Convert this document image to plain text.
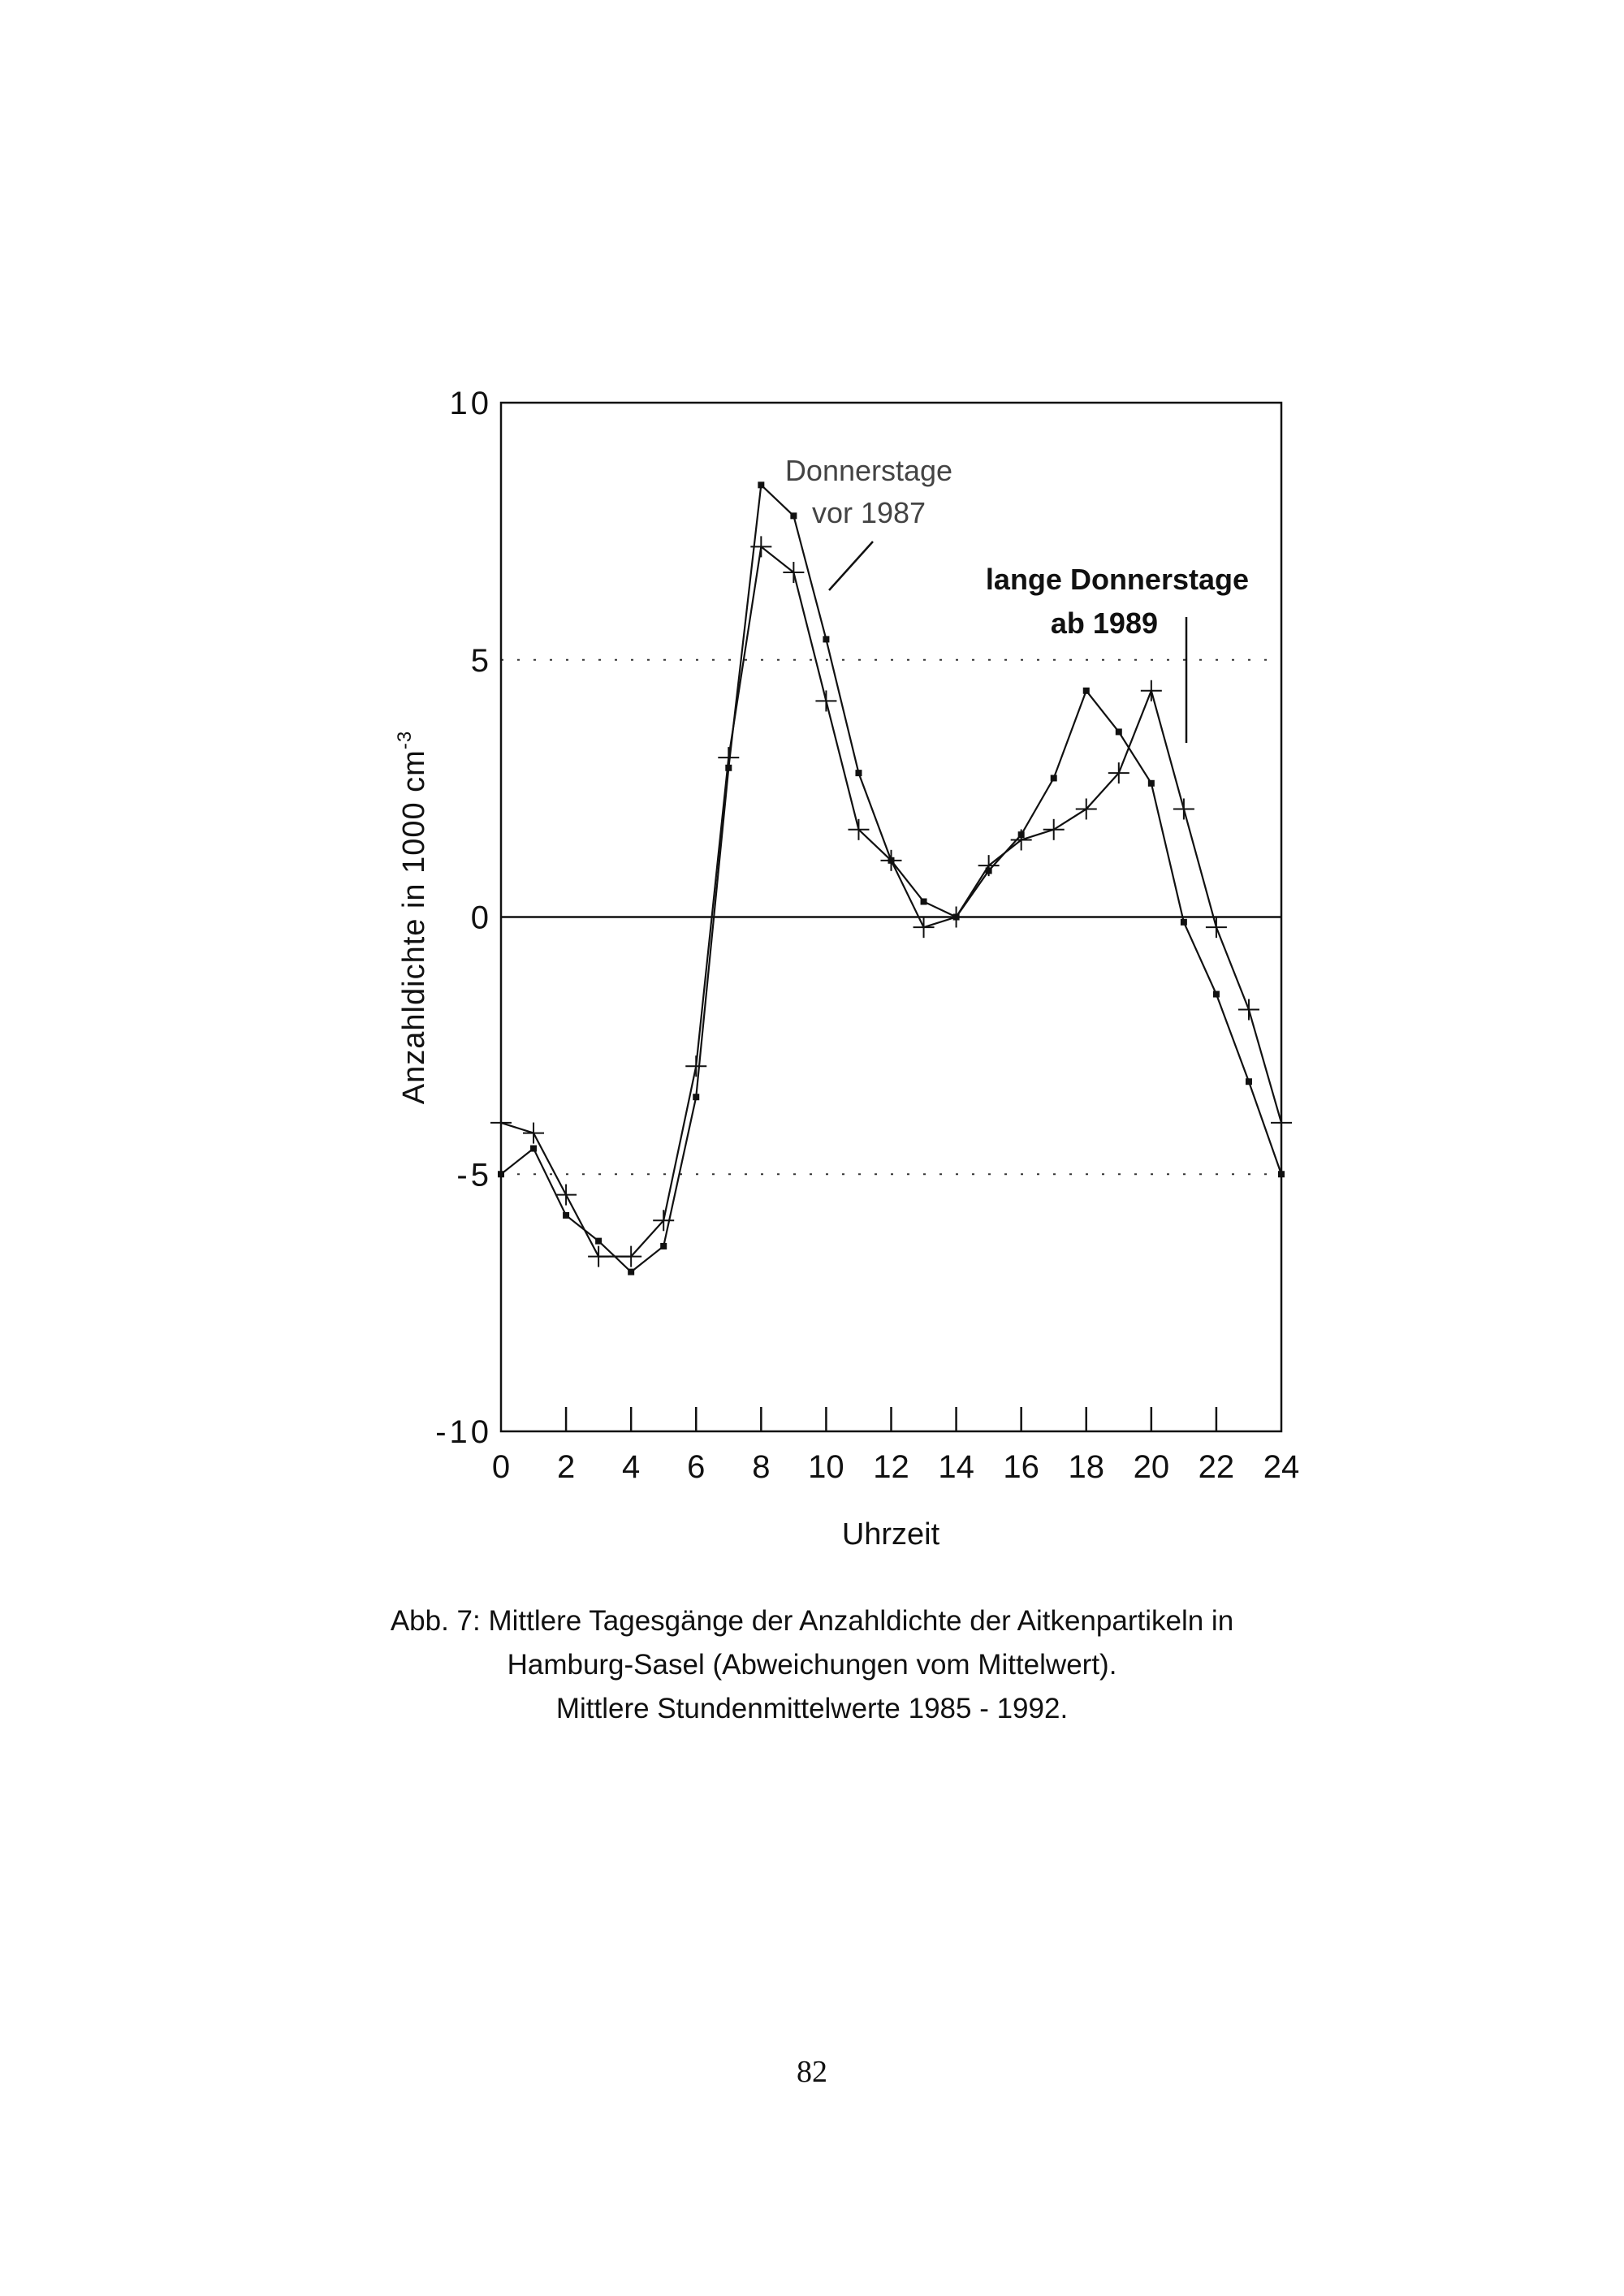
10
5
0
-5
-10
0 2 4 6 8 10 12 14 16 18 20 22 24
Donnerstage
vor 1987
lange Donnerstage
ab 1989
Uhrzeit
Anzahldichte in 1000 $cm^{-3}$
Abb. 7: Mittlere Tagesgänge der Anzahldichte der Aitkenpartikeln in
Hamburg-Sasel (Abweichungen vom Mittelwert).
Mittlere Stundenmittelwerte 1985 - 1992.
82
